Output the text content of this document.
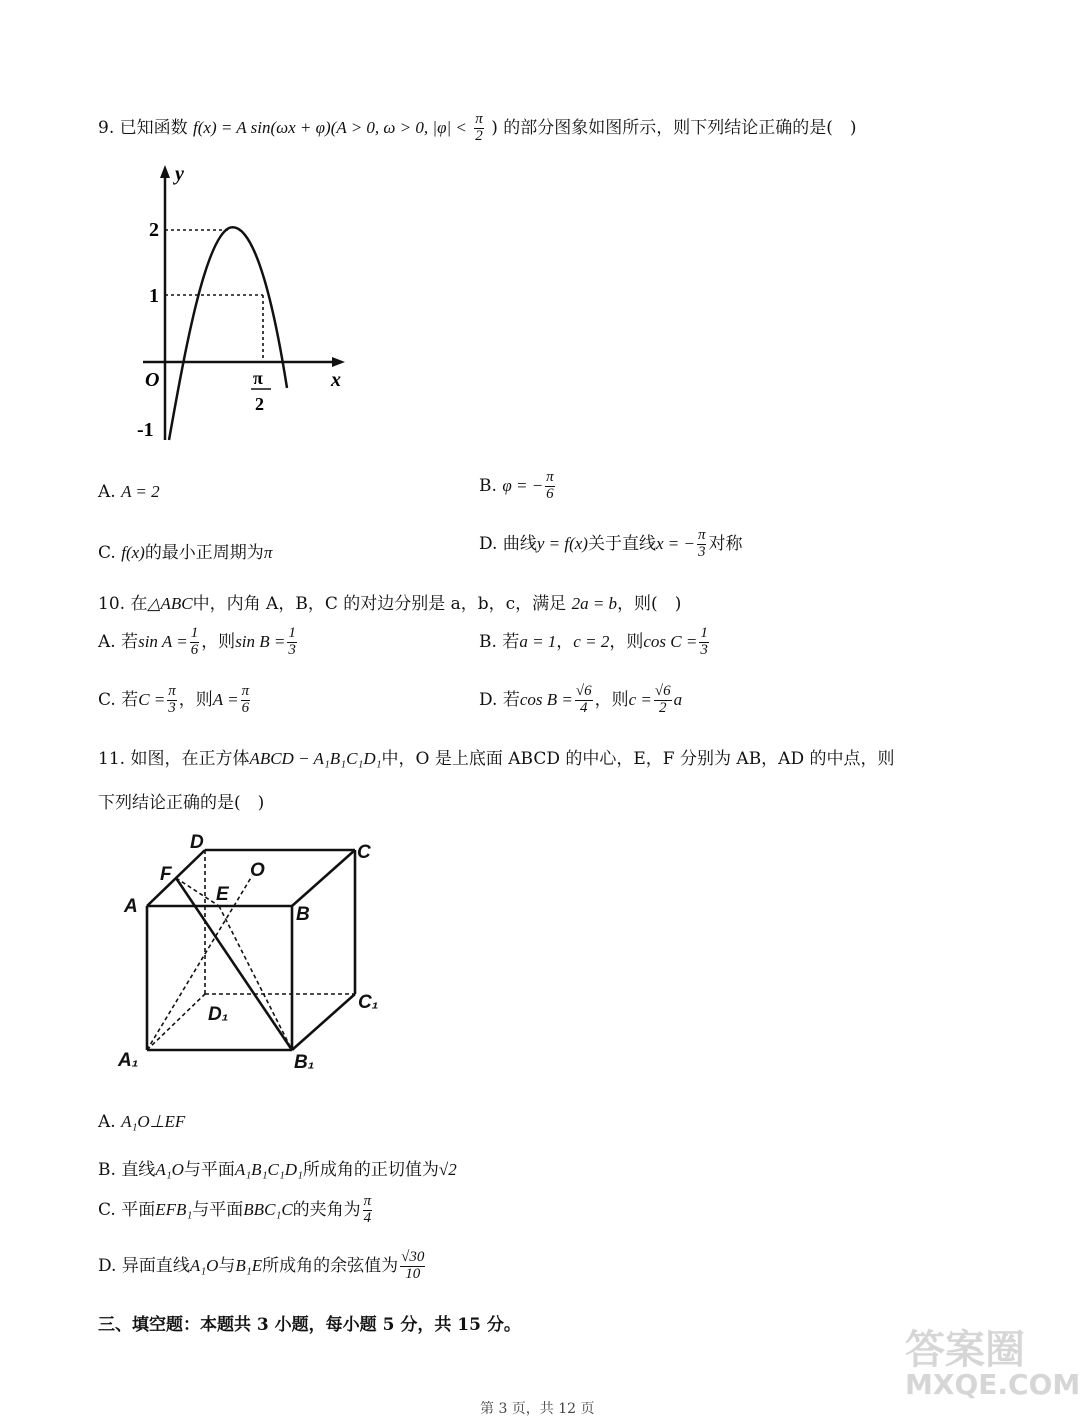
9. 已知函数 f(x) = A sin(ωx + φ)(A > 0, ω > 0, $|\varphi| < \frac{\pi}{2}$ ) 的部分图象如图所示，则下列结论正确的是(　)
y
x
O
2
1
-1
π
2
A. A = 2	B. φ = − $\frac{\pi}{6}$
C. f(x)的最小正周期为π	D. 曲线y = f(x)关于直线x = − $\frac{\pi}{3}$ 对称
10. 在△ABC中，内角 A，B，C 的对边分别是 a，b，c，满足 2a = b，则(　)
A. 若$\sin A = \frac{1}{6}$ ，则$\sin B = \frac{1}{3}$	B. 若a = 1，c = 2，则$\cos C = \frac{1}{3}$
C. 若$C = \frac{\pi}{3}$ ，则$A = \frac{\pi}{6}$	D. 若$\cos B = \frac{√6}{4}$ ，则$c = \frac{√6}{2}$ a
11. 如图，在正方体ABCD − A₁B₁C₁D₁中，O 是上底面 ABCD 的中心，E，F 分别为 AB，AD 的中点，则
下列结论正确的是(　)
A	B
C
D
E
F	O
A₁	B₁
C₁
D₁
A. A₁O⊥EF
B. 直线A₁O与平面A₁B₁C₁D₁所成角的正切值为√2
C. 平面EFB₁与平面BBC₁C的夹角为 $\frac{\pi}{4}$
D. 异面直线A₁O与B₁E所成角的余弦值为 $\frac{√30}{10}$
三、填空题：本题共 3 小题，每小题 5 分，共 15 分。
答案圈
MXQE.COM
第 3 页，共 12 页
